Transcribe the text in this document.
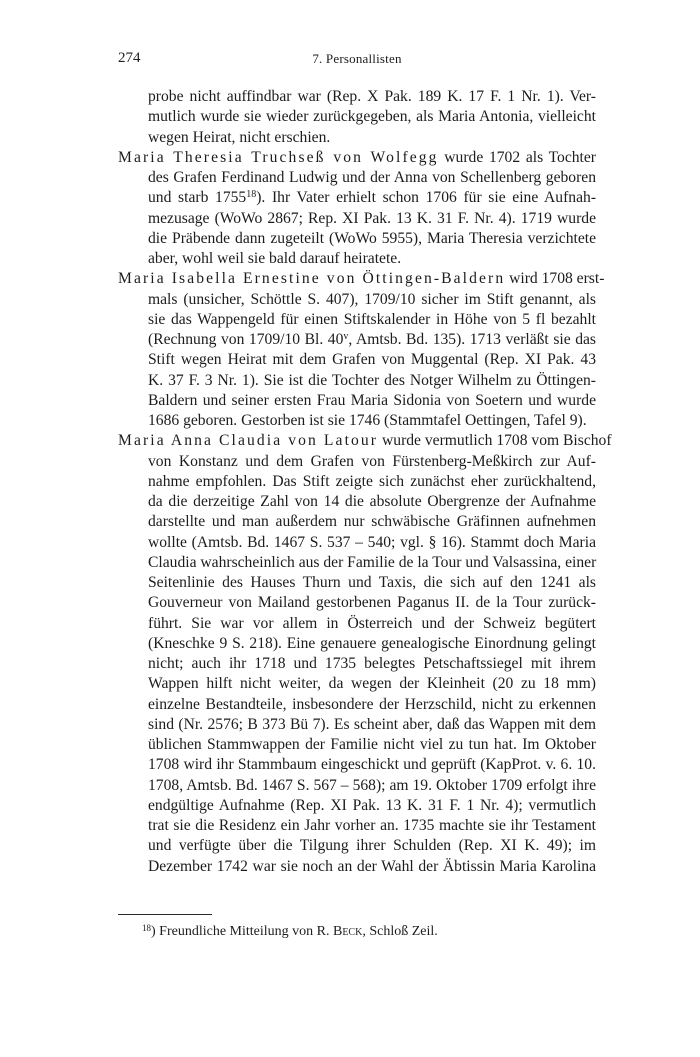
274	7. Personallisten
probe nicht auffindbar war (Rep. X Pak. 189 K. 17 F. 1 Nr. 1). Ver-
mutlich wurde sie wieder zurückgegeben, als Maria Antonia, vielleicht
wegen Heirat, nicht erschien.
Maria Theresia Truchseß von Wolfegg wurde 1702 als Tochter
des Grafen Ferdinand Ludwig und der Anna von Schellenberg geboren
und starb 1755$^{18}$). Ihr Vater erhielt schon 1706 für sie eine Aufnah-
mezusage (WoWo 2867; Rep. XI Pak. 13 K. 31 F. Nr. 4). 1719 wurde
die Präbende dann zugeteilt (WoWo 5955), Maria Theresia verzichtete
aber, wohl weil sie bald darauf heiratete.
Maria Isabella Ernestine von Öttingen-Baldern wird 1708 erst-
mals (unsicher, Schöttle S. 407), 1709/10 sicher im Stift genannt, als
sie das Wappengeld für einen Stiftskalender in Höhe von 5 fl bezahlt
(Rechnung von 1709/10 Bl. 40$^v$, Amtsb. Bd. 135). 1713 verläßt sie das
Stift wegen Heirat mit dem Grafen von Muggental (Rep. XI Pak. 43
K. 37 F. 3 Nr. 1). Sie ist die Tochter des Notger Wilhelm zu Öttingen-
Baldern und seiner ersten Frau Maria Sidonia von Soetern und wurde
1686 geboren. Gestorben ist sie 1746 (Stammtafel Oettingen, Tafel 9).
Maria Anna Claudia von Latour wurde vermutlich 1708 vom Bischof
von Konstanz und dem Grafen von Fürstenberg-Meßkirch zur Auf-
nahme empfohlen. Das Stift zeigte sich zunächst eher zurückhaltend,
da die derzeitige Zahl von 14 die absolute Obergrenze der Aufnahme
darstellte und man außerdem nur schwäbische Gräfinnen aufnehmen
wollte (Amtsb. Bd. 1467 S. 537 – 540; vgl. § 16). Stammt doch Maria
Claudia wahrscheinlich aus der Familie de la Tour und Valsassina, einer
Seitenlinie des Hauses Thurn und Taxis, die sich auf den 1241 als
Gouverneur von Mailand gestorbenen Paganus II. de la Tour zurück-
führt. Sie war vor allem in Österreich und der Schweiz begütert
(Kneschke 9 S. 218). Eine genauere genealogische Einordnung gelingt
nicht; auch ihr 1718 und 1735 belegtes Petschaftssiegel mit ihrem
Wappen hilft nicht weiter, da wegen der Kleinheit (20 zu 18 mm)
einzelne Bestandteile, insbesondere der Herzschild, nicht zu erkennen
sind (Nr. 2576; B 373 Bü 7). Es scheint aber, daß das Wappen mit dem
üblichen Stammwappen der Familie nicht viel zu tun hat. Im Oktober
1708 wird ihr Stammbaum eingeschickt und geprüft (KapProt. v. 6. 10.
1708, Amtsb. Bd. 1467 S. 567 – 568); am 19. Oktober 1709 erfolgt ihre
endgültige Aufnahme (Rep. XI Pak. 13 K. 31 F. 1 Nr. 4); vermutlich
trat sie die Residenz ein Jahr vorher an. 1735 machte sie ihr Testament
und verfügte über die Tilgung ihrer Schulden (Rep. XI K. 49); im
Dezember 1742 war sie noch an der Wahl der Äbtissin Maria Karolina
$^{18}$) Freundliche Mitteilung von R. Beck, Schloß Zeil.
